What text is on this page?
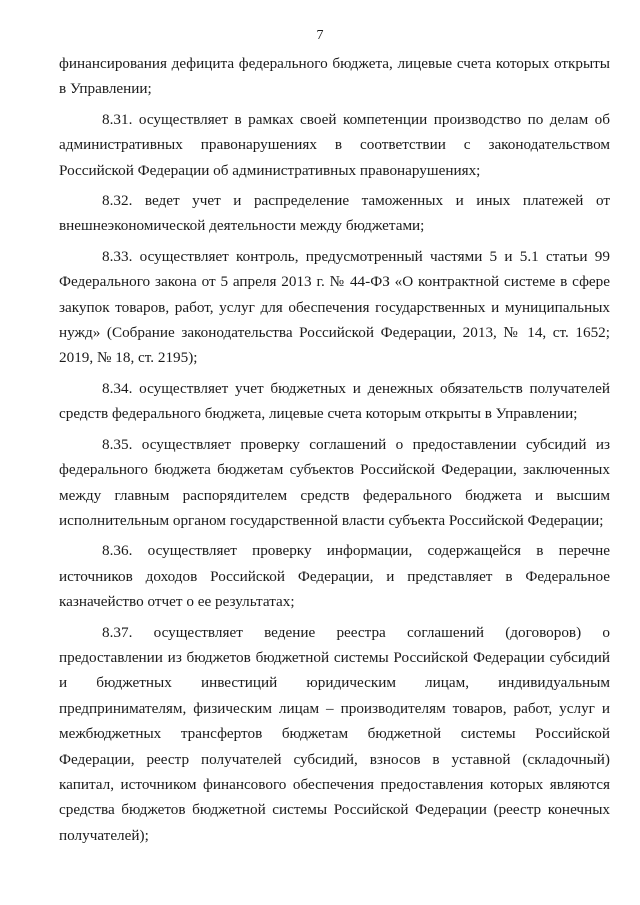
7

финансирования дефицита федерального бюджета, лицевые счета которых открыты в Управлении;

8.31. осуществляет в рамках своей компетенции производство по делам об административных правонарушениях в соответствии с законодательством Российской Федерации об административных правонарушениях;

8.32. ведет учет и распределение таможенных и иных платежей от внешнеэкономической деятельности между бюджетами;

8.33. осуществляет контроль, предусмотренный частями 5 и 5.1 статьи 99 Федерального закона от 5 апреля 2013 г. № 44-ФЗ «О контрактной системе в сфере закупок товаров, работ, услуг для обеспечения государственных и муниципальных нужд» (Собрание законодательства Российской Федерации, 2013, № 14, ст. 1652; 2019, № 18, ст. 2195);

8.34. осуществляет учет бюджетных и денежных обязательств получателей средств федерального бюджета, лицевые счета которым открыты в Управлении;

8.35. осуществляет проверку соглашений о предоставлении субсидий из федерального бюджета бюджетам субъектов Российской Федерации, заключенных между главным распорядителем средств федерального бюджета и высшим исполнительным органом государственной власти субъекта Российской Федерации;

8.36. осуществляет проверку информации, содержащейся в перечне источников доходов Российской Федерации, и представляет в Федеральное казначейство отчет о ее результатах;

8.37. осуществляет ведение реестра соглашений (договоров) о предоставлении из бюджетов бюджетной системы Российской Федерации субсидий и бюджетных инвестиций юридическим лицам, индивидуальным предпринимателям, физическим лицам – производителям товаров, работ, услуг и межбюджетных трансфертов бюджетам бюджетной системы Российской Федерации, реестр получателей субсидий, взносов в уставной (складочный) капитал, источником финансового обеспечения предоставления которых являются средства бюджетов бюджетной системы Российской Федерации (реестр конечных получателей);
